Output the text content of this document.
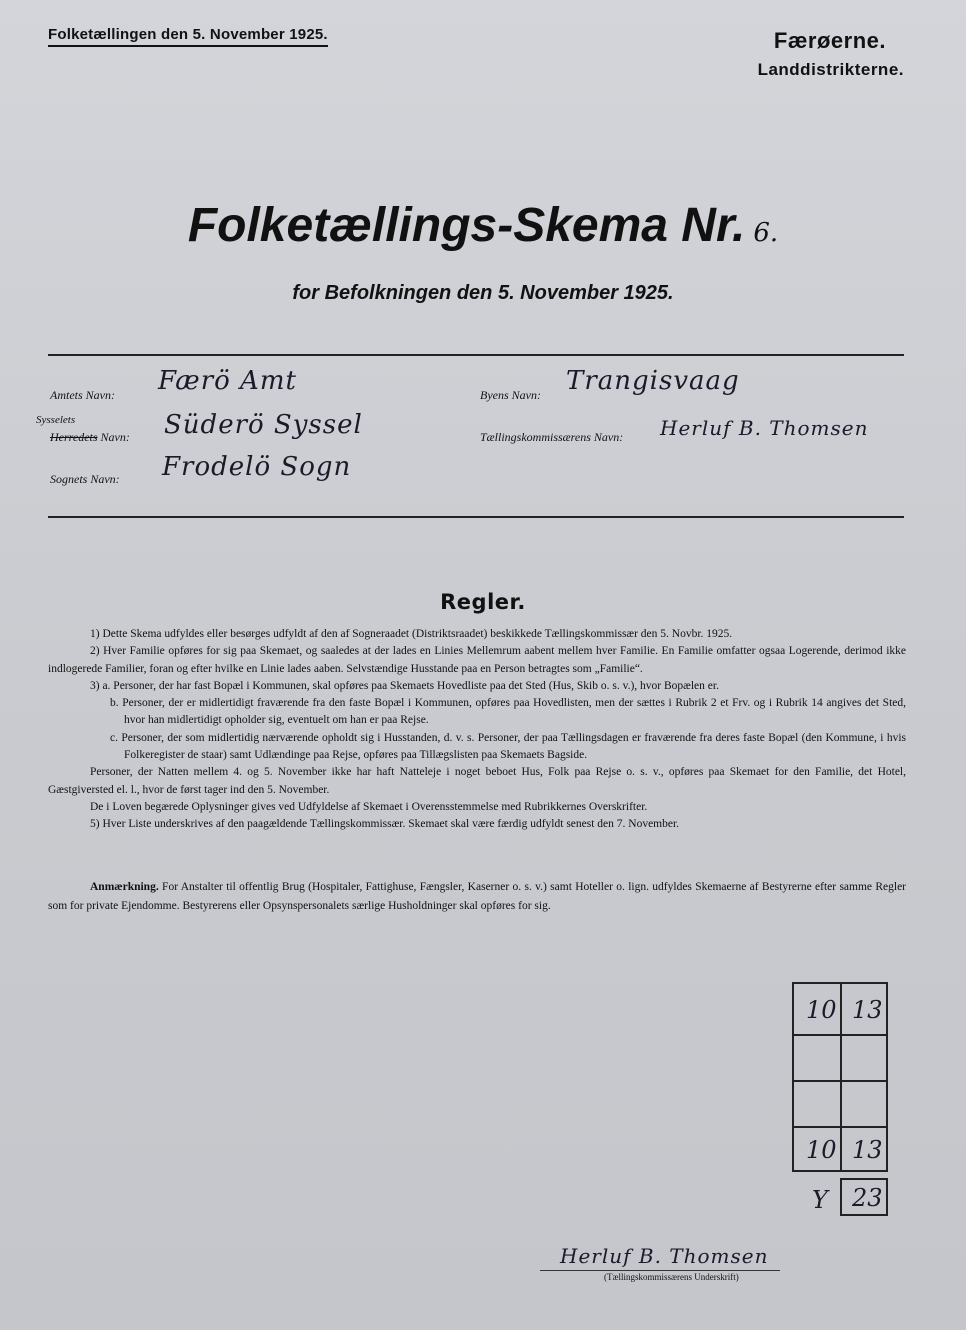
Folketællingen den 5. November 1925.	Færøerne.
Landdistrikterne.
Folketællings-Skema Nr. 6.
for Befolkningen den 5. November 1925.
Amtets Navn: Færö Amt
Sysselets
Herredets Navn: Süderö Syssel
Sognets Navn: Frodelö Sogn
Byens Navn: Trangisvaag
Tællingskommissærens Navn: Herluf B. Thomsen
Regler.

1) Dette Skema udfyldes eller besørges udfyldt af den af Sogneraadet (Distriktsraadet) beskikkede Tællingskommissær den 5. Novbr. 1925.

2) Hver Familie opføres for sig paa Skemaet, og saaledes at der lades en Linies Mellemrum aabent mellem hver Familie. En Familie omfatter ogsaa Logerende, derimod ikke indlogerede Familier, foran og efter hvilke en Linie lades aaben. Selvstændige Husstande paa en Person betragtes som „Familie“.

3) a. Personer, der har fast Bopæl i Kommunen, skal opføres paa Skemaets Hovedliste paa det Sted (Hus, Skib o. s. v.), hvor Bopælen er.

b. Personer, der er midlertidigt fraværende fra den faste Bopæl i Kommunen, opføres paa Hovedlisten, men der sættes i Rubrik 2 et Frv. og i Rubrik 14 angives det Sted, hvor han midlertidigt opholder sig, eventuelt om han er paa Rejse.

c. Personer, der som midlertidig nærværende opholdt sig i Husstanden, d. v. s. Personer, der paa Tællingsdagen er fraværende fra deres faste Bopæl (den Kommune, i hvis Folkeregister de staar) samt Udlændinge paa Rejse, opføres paa Tillægslisten paa Skemaets Bagside.

Personer, der Natten mellem 4. og 5. November ikke har haft Natteleje i noget beboet Hus, Folk paa Rejse o. s. v., opføres paa Skemaet for den Familie, det Hotel, Gæstgiversted el. l., hvor de først tager ind den 5. November.

De i Loven begærede Oplysninger gives ved Udfyldelse af Skemaet i Overensstemmelse med Rubrikkernes Overskrifter.

5) Hver Liste underskrives af den paagældende Tællingskommissær. Skemaet skal være færdig udfyldt senest den 7. November.

Anmærkning. For Anstalter til offentlig Brug (Hospitaler, Fattighuse, Fængsler, Kaserner o. s. v.) samt Hoteller o. lign. udfyldes Skemaerne af Bestyrerne efter samme Regler som for private Ejendomme. Bestyrerens eller Opsynspersonalets særlige Husholdninger skal opføres for sig.
10 13
10 13
Y 23
Herluf B. Thomsen
(Tællingskommissærens Underskrift)
